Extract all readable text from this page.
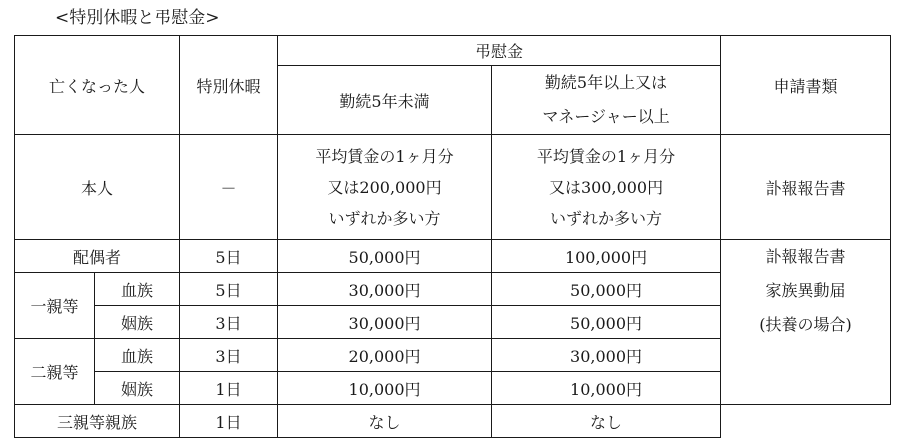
<特別休暇と弔慰金>
亡くなった人		特別休暇	弔慰金		申請書類
			勤続5年未満	勤続5年以上又は
マネージャー以上	

本人		－	平均賃金の1ヶ月分
又は200,000円
いずれか多い方	平均賃金の1ヶ月分
又は300,000円
いずれか多い方	訃報報告書
配偶者		5日	50,000円	100,000円	訃報報告書
家族異動届
(扶養の場合)

一親等	血族	5日	30,000円	50,000円	
	姻族	3日	30,000円	50,000円	
二親等	血族	3日	20,000円	30,000円	
	姻族	1日	10,000円	10,000円	
三親等親族		1日	なし	なし	
